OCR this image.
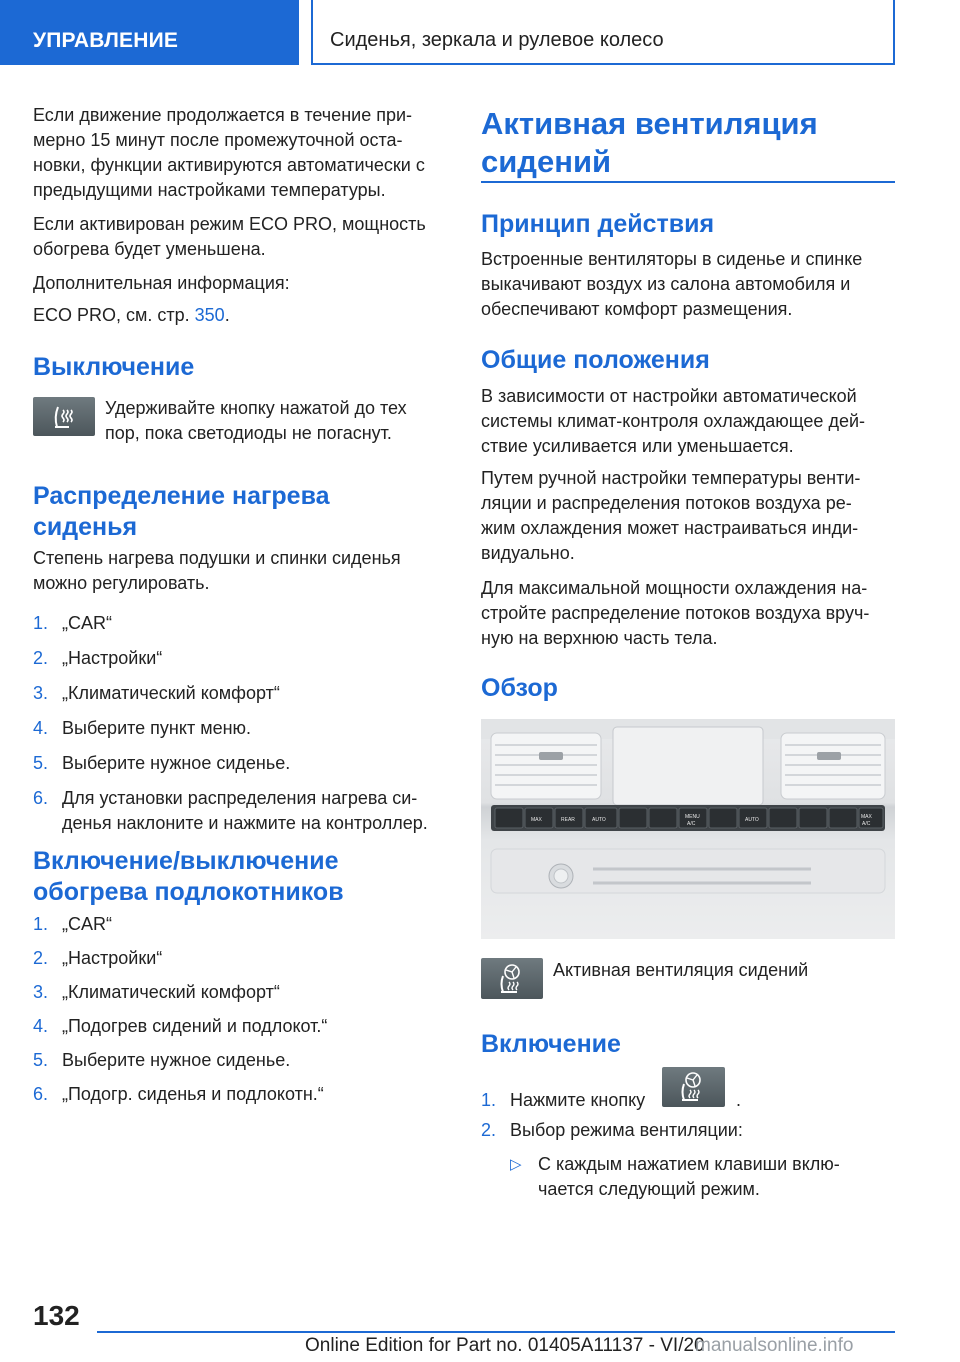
УПРАВЛЕНИЕ	Сиденья, зеркала и рулевое колесо
Если движение продолжается в течение при-
мерно 15 минут после промежуточной оста-
новки, функции активируются автоматически с
предыдущими настройками температуры.
Если активирован режим ECO PRO, мощность
обогрева будет уменьшена.
Дополнительная информация:
ECO PRO, см. стр. 350.
Выключение
Удерживайте кнопку нажатой до тех
пор, пока светодиоды не погаснут.
Распределение нагрева
сиденья
Степень нагрева подушки и спинки сиденья
можно регулировать.
1. „CAR“
2. „Настройки“
3. „Климатический комфорт“
4. Выберите пункт меню.
5. Выберите нужное сиденье.
6. Для установки распределения нагрева си-
денья наклоните и нажмите на контроллер.
Включение/выключение
обогрева подлокотников
1. „CAR“
2. „Настройки“
3. „Климатический комфорт“
4. „Подогрев сидений и подлокот.“
5. Выберите нужное сиденье.
6. „Подогр. сиденья и подлокотн.“
Активная вентиляция
сидений
Принцип действия
Встроенные вентиляторы в сиденье и спинке
выкачивают воздух из салона автомобиля и
обеспечивают комфорт размещения.
Общие положения
В зависимости от настройки автоматической
системы климат-контроля охлаждающее дей-
ствие усиливается или уменьшается.
Путем ручной настройки температуры венти-
ляции и распределения потоков воздуха ре-
жим охлаждения может настраиваться инди-
видуально.
Для максимальной мощности охлаждения на-
стройте распределение потоков воздуха вруч-
ную на верхнюю часть тела.
Обзор
MAX	REAR	AUTO	MENU
A/C
AUTO	MAX
A/C
Активная вентиляция сидений
Включение
1. Нажмите кнопку	.
2. Выбор режима вентиляции:
▷ С каждым нажатием клавиши вклю-
чается следующий режим.
132
Online Edition for Part no. 01405A11137 - VI/20
manualsonline.info
